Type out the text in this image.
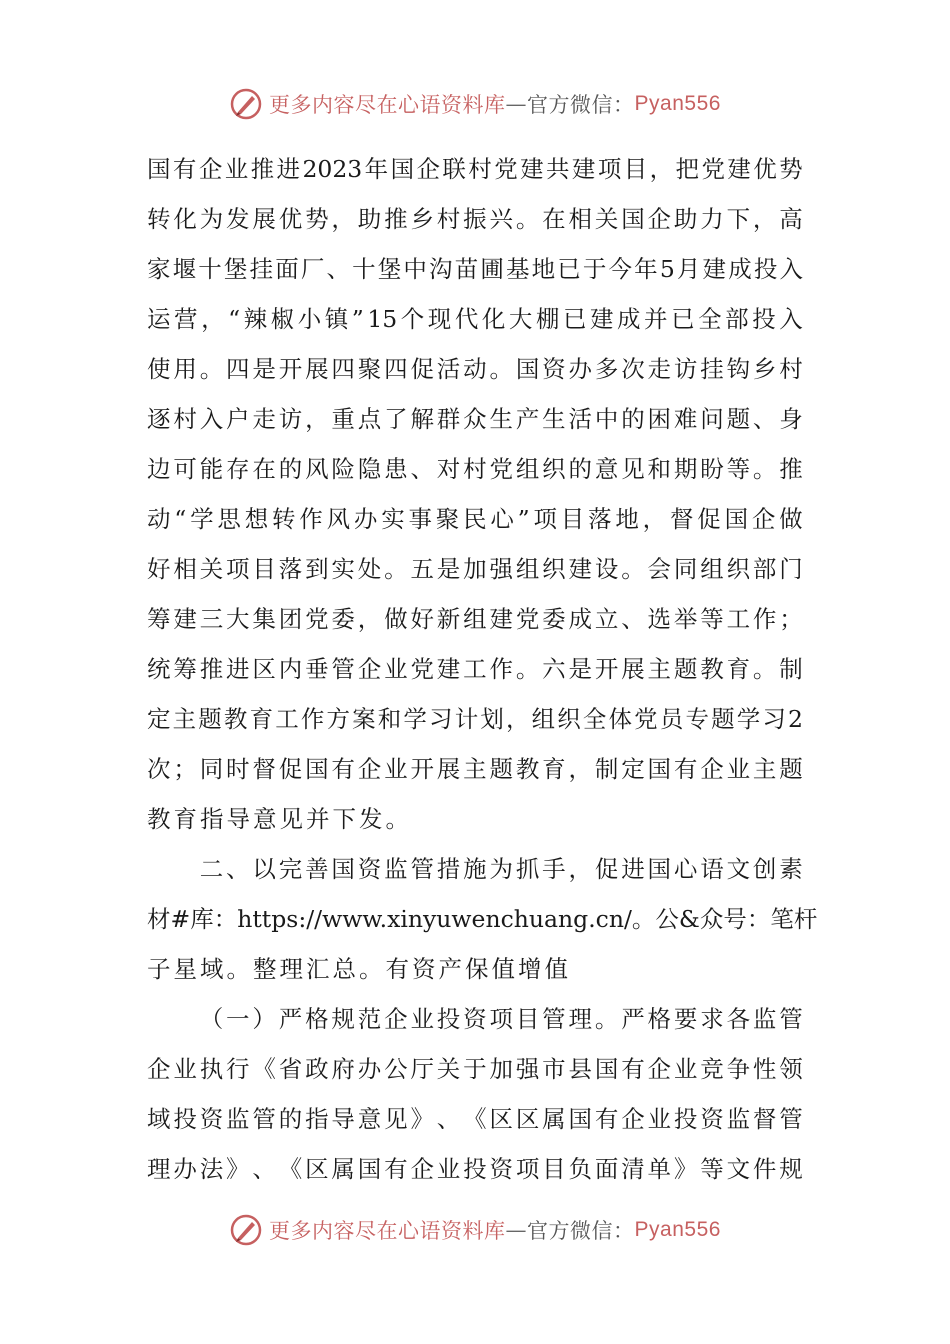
更多内容尽在心语资料库 — 官方微信： Pyan556
国 有 企 业 推 进 2023 年 国 企 联 村 党 建 共 建 项 目 ， 把 党 建 优 势
转 化 为 发 展 优 势 ， 助 推 乡 村 振 兴 。 在 相 关 国 企 助 力 下 ， 高
家 堰 十 堡 挂 面 厂 、 十 堡 中 沟 苗 圃 基 地 已 于 今 年 5 月 建 成 投 入
运 营 ， “ 辣 椒 小 镇 ” 15 个 现 代 化 大 棚 已 建 成 并 已 全 部 投 入
使 用 。 四 是 开 展 四 聚 四 促 活 动 。 国 资 办 多 次 走 访 挂 钩 乡 村
逐 村 入 户 走 访 ， 重 点 了 解 群 众 生 产 生 活 中 的 困 难 问 题 、 身
边 可 能 存 在 的 风 险 隐 患 、 对 村 党 组 织 的 意 见 和 期 盼 等 。 推
动 “ 学 思 想 转 作 风 办 实 事 聚 民 心 ” 项 目 落 地 ， 督 促 国 企 做
好 相 关 项 目 落 到 实 处 。 五 是 加 强 组 织 建 设 。 会 同 组 织 部 门
筹 建 三 大 集 团 党 委 ， 做 好 新 组 建 党 委 成 立 、 选 举 等 工 作 ；
统 筹 推 进 区 内 垂 管 企 业 党 建 工 作 。 六 是 开 展 主 题 教 育 。 制
定 主 题 教 育 工 作 方 案 和 学 习 计 划 ， 组 织 全 体 党 员 专 题 学 习 2
次 ； 同 时 督 促 国 有 企 业 开 展 主 题 教 育 ， 制 定 国 有 企 业 主 题
教 育 指 导 意 见 并 下 发 。

二 、 以 完 善 国 资 监 管 措 施 为 抓 手 ， 促 进 国 心 语 文 创 素
材 # 库 ： https://www.xinyuwenchuang.cn/ 。 公 & 众 号 ： 笔 杆
子 星 域 。 整 理 汇 总 。 有 资 产 保 值 增 值

（ 一 ） 严 格 规 范 企 业 投 资 项 目 管 理 。 严 格 要 求 各 监 管
企 业 执 行 《 省 政 府 办 公 厅 关 于 加 强 市 县 国 有 企 业 竞 争 性 领
域 投 资 监 管 的 指 导 意 见 》 、 《 区 区 属 国 有 企 业 投 资 监 督 管
理 办 法 》 、 《 区 属 国 有 企 业 投 资 项 目 负 面 清 单 》 等 文 件 规
更多内容尽在心语资料库 — 官方微信： Pyan556
